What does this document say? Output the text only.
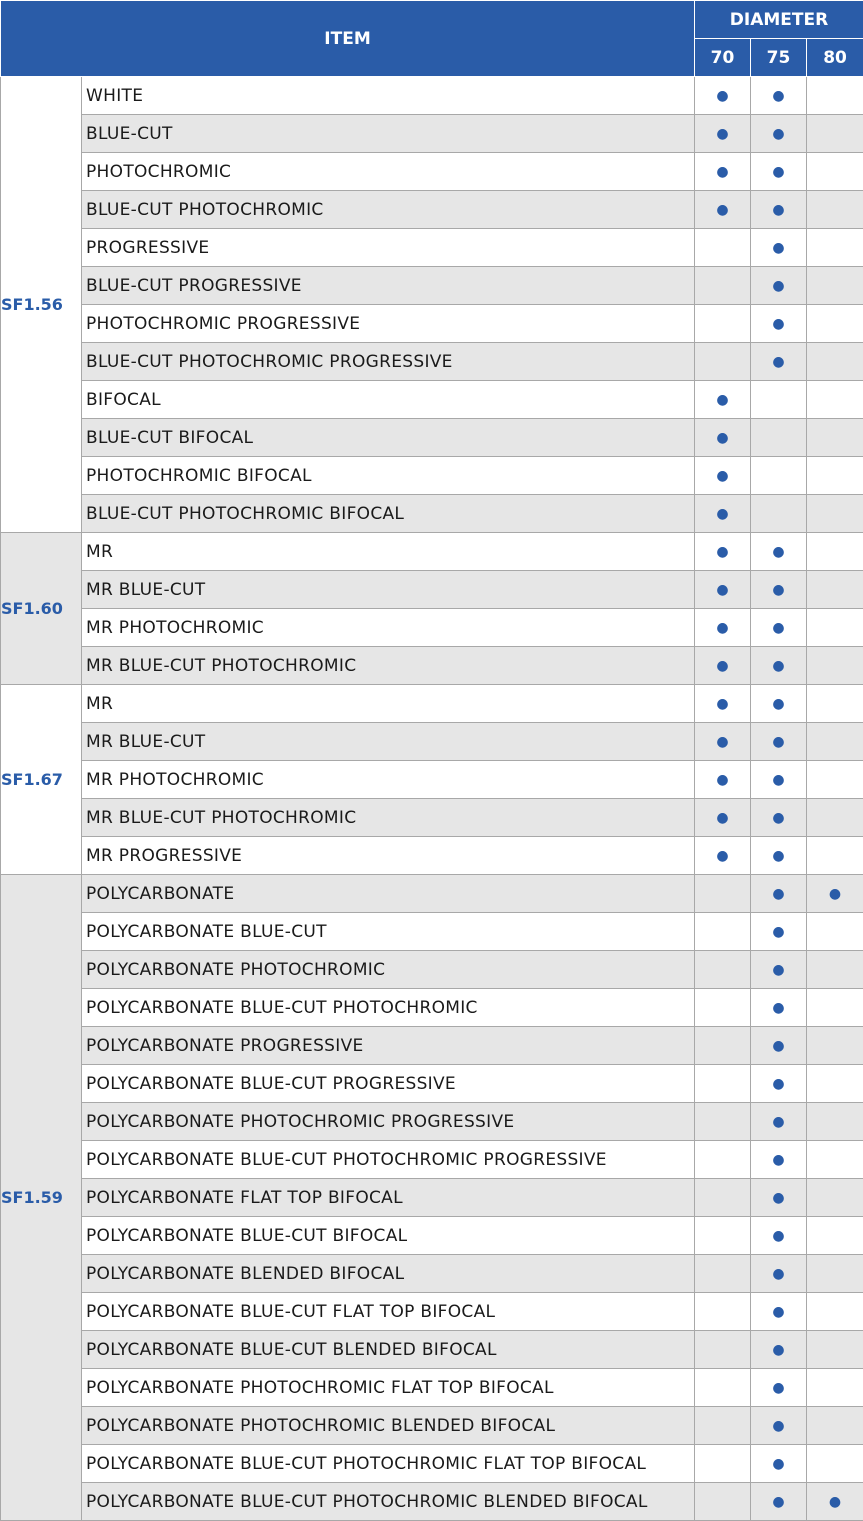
ITEM		DIAMETER		
		70	75	80
SF1.56	WHITE	●	●	
	BLUE-CUT	●	●	
	PHOTOCHROMIC	●	●	
	BLUE-CUT PHOTOCHROMIC	●	●	
	PROGRESSIVE		●	
	BLUE-CUT PROGRESSIVE		●	
	PHOTOCHROMIC PROGRESSIVE		●	
	BLUE-CUT PHOTOCHROMIC PROGRESSIVE		●	
	BIFOCAL	●		
	BLUE-CUT BIFOCAL	●		
	PHOTOCHROMIC BIFOCAL	●		
	BLUE-CUT PHOTOCHROMIC BIFOCAL	●		
SF1.60	MR	●	●	
	MR BLUE-CUT	●	●	
	MR PHOTOCHROMIC	●	●	
	MR BLUE-CUT PHOTOCHROMIC	●	●	
SF1.67	MR	●	●	
	MR BLUE-CUT	●	●	
	MR PHOTOCHROMIC	●	●	
	MR BLUE-CUT PHOTOCHROMIC	●	●	
	MR PROGRESSIVE	●	●	
SF1.59	POLYCARBONATE		●	●
	POLYCARBONATE BLUE-CUT		●	
	POLYCARBONATE PHOTOCHROMIC		●	
	POLYCARBONATE BLUE-CUT PHOTOCHROMIC		●	
	POLYCARBONATE PROGRESSIVE		●	
	POLYCARBONATE BLUE-CUT PROGRESSIVE		●	
	POLYCARBONATE PHOTOCHROMIC PROGRESSIVE		●	
	POLYCARBONATE BLUE-CUT PHOTOCHROMIC PROGRESSIVE		●	
	POLYCARBONATE FLAT TOP BIFOCAL		●	
	POLYCARBONATE BLUE-CUT BIFOCAL		●	
	POLYCARBONATE BLENDED BIFOCAL		●	
	POLYCARBONATE BLUE-CUT FLAT TOP BIFOCAL		●	
	POLYCARBONATE BLUE-CUT BLENDED BIFOCAL		●	
	POLYCARBONATE PHOTOCHROMIC FLAT TOP BIFOCAL		●	
	POLYCARBONATE PHOTOCHROMIC BLENDED BIFOCAL		●	
	POLYCARBONATE BLUE-CUT PHOTOCHROMIC FLAT TOP BIFOCAL		●	
	POLYCARBONATE BLUE-CUT PHOTOCHROMIC BLENDED BIFOCAL		●	●
